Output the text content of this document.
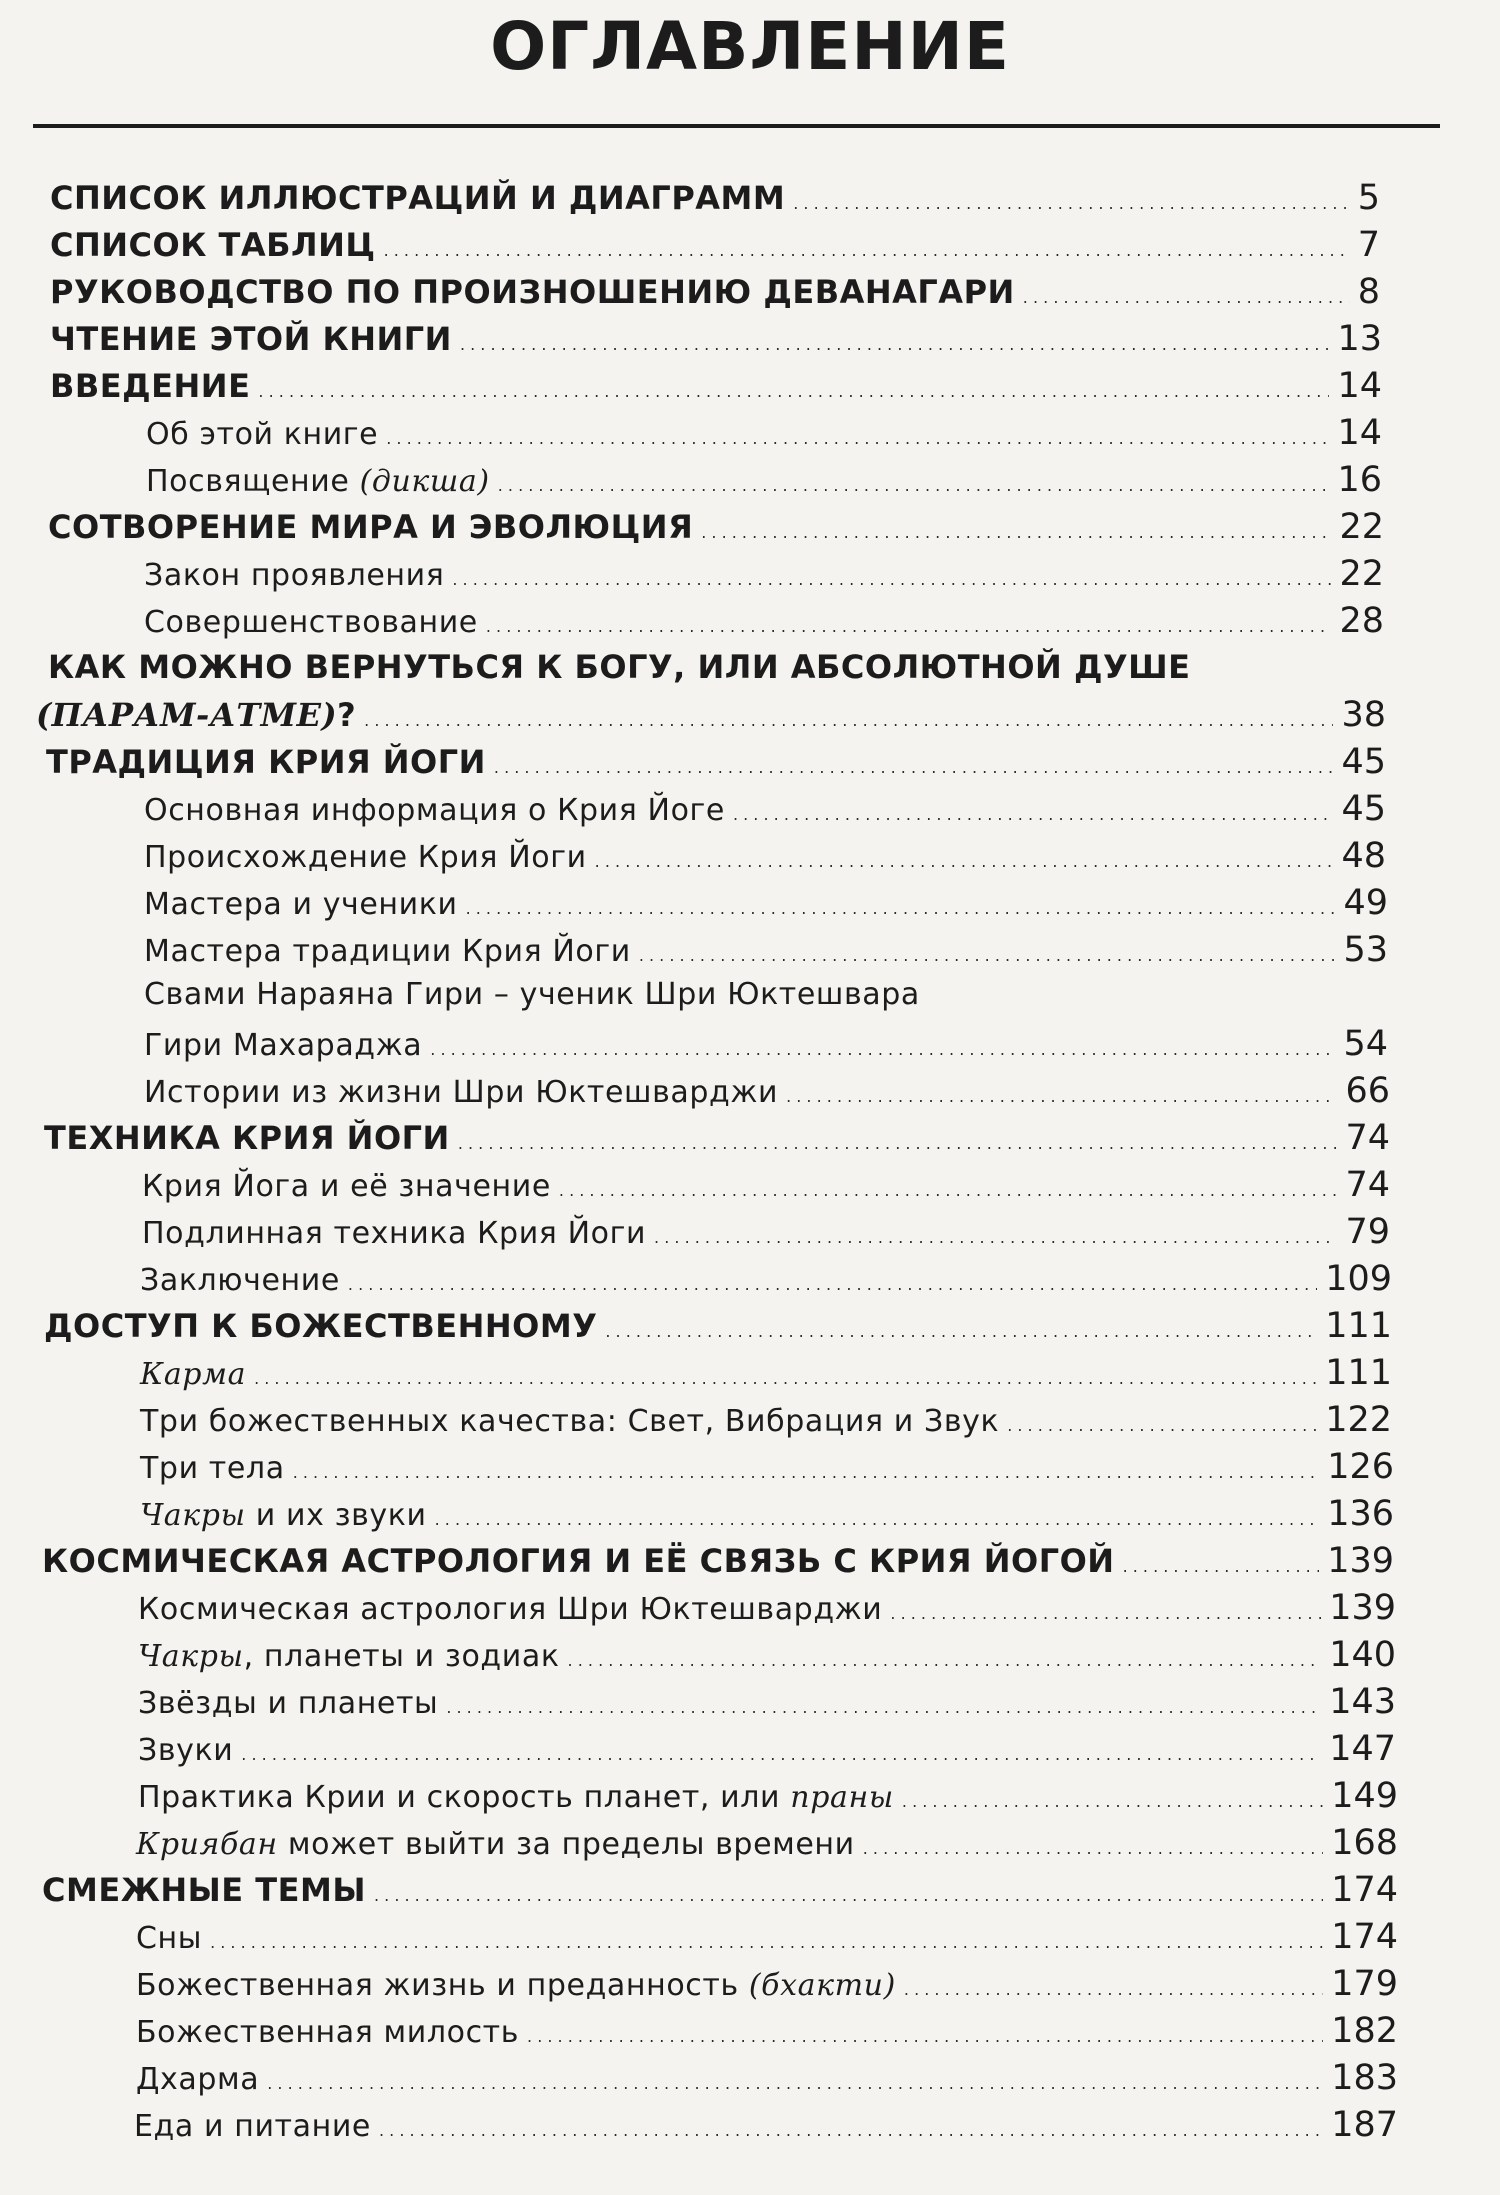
ОГЛАВЛЕНИЕ
СПИСОК ИЛЛЮСТРАЦИЙ И ДИАГРАММ . . .	5
СПИСОК ТАБЛИЦ . . .	7
РУКОВОДСТВО ПО ПРОИЗНОШЕНИЮ ДЕВАНАГАРИ . . .	8
ЧТЕНИЕ ЭТОЙ КНИГИ . . .	13
ВВЕДЕНИЕ . . .	14
Об этой книге . . .	14
Посвящение (дикша) . . .	16
СОТВОРЕНИЕ МИРА И ЭВОЛЮЦИЯ . . .	22
Закон проявления . . .	22
Совершенствование . . .	28
КАК МОЖНО ВЕРНУТЬСЯ К БОГУ, ИЛИ АБСОЛЮТНОЙ ДУШЕ
(ПАРАМ-АТМЕ)? . . .	38
ТРАДИЦИЯ КРИЯ ЙОГИ . . .	45
Основная информация о Крия Йоге . . .	45
Происхождение Крия Йоги . . .	48
Мастера и ученики . . .	49
Мастера традиции Крия Йоги . . .	53
Свами Нараяна Гири – ученик Шри Юктешвара
Гири Махараджа . . .	54
Истории из жизни Шри Юктешварджи . . .	66
ТЕХНИКА КРИЯ ЙОГИ . . .	74
Крия Йога и её значение . . .	74
Подлинная техника Крия Йоги . . .	79
Заключение . . .	109
ДОСТУП К БОЖЕСТВЕННОМУ . . .	111
Карма . . .	111
Три божественных качества: Свет, Вибрация и Звук . . .	122
Три тела . . .	126
Чакры и их звуки . . .	136
КОСМИЧЕСКАЯ АСТРОЛОГИЯ И ЕЁ СВЯЗЬ С КРИЯ ЙОГОЙ . . .	139
Космическая астрология Шри Юктешварджи . . .	139
Чакры, планеты и зодиак . . .	140
Звёзды и планеты . . .	143
Звуки . . .	147
Практика Крии и скорость планет, или праны . . .	149
Криябан может выйти за пределы времени . . .	168
СМЕЖНЫЕ ТЕМЫ . . .	174
Сны . . .	174
Божественная жизнь и преданность (бхакти) . . .	179
Божественная милость . . .	182
Дхарма . . .	183
Еда и питание . . .	187
